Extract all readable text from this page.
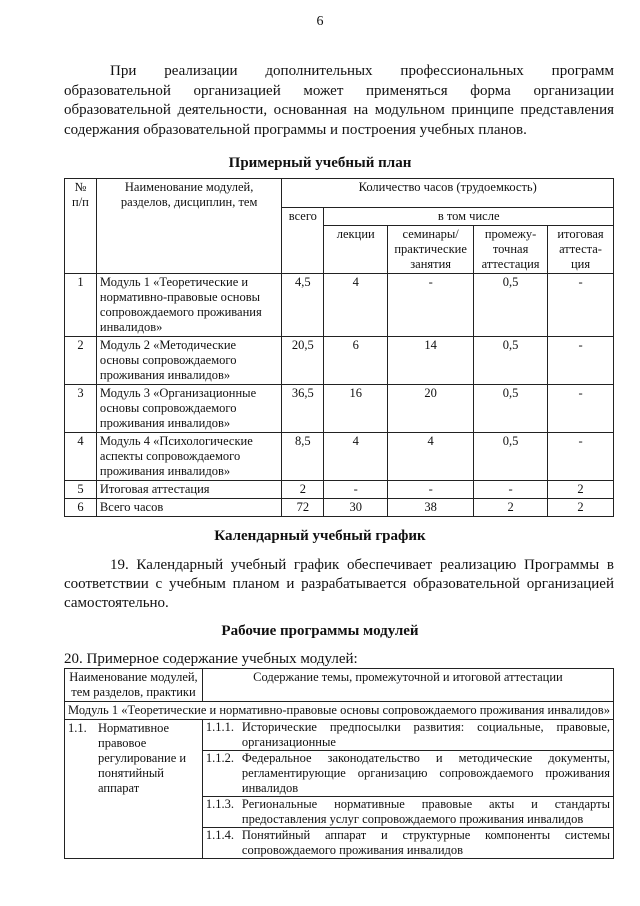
6

При реализации дополнительных профессиональных программ образовательной организацией может применяться форма организации образовательной деятельности, основанная на модульном принципе представления содержания образовательной программы и построения учебных планов.

Примерный учебный план

№ п/п	Наименование модулей, разделов, дисциплин, тем	Количество часов (трудоемкость)				
		всего	в том числе			
			лекции	семинары/ практические занятия	промежу-точная аттестация	итоговая аттеста-ция
1	Модуль 1 «Теоретические и нормативно-правовые основы сопровождаемого проживания инвалидов»	4,5	4	-	0,5	-
2	Модуль 2 «Методические основы сопровождаемого проживания инвалидов»	20,5	6	14	0,5	-
3	Модуль 3 «Организационные основы сопровождаемого проживания инвалидов»	36,5	16	20	0,5	-
4	Модуль 4 «Психологические аспекты сопровождаемого проживания инвалидов»	8,5	4	4	0,5	-
5	Итоговая аттестация	2	-	-	-	2
6	Всего часов	72	30	38	2	2

Календарный учебный график

19. Календарный учебный график обеспечивает реализацию Программы в соответствии с учебным планом и разрабатывается образовательной организацией самостоятельно.

Рабочие программы модулей

20. Примерное содержание учебных модулей:

Наименование модулей, тем разделов, практики	Содержание темы, промежуточной и итоговой аттестации
Модуль 1 «Теоретические и нормативно-правовые основы сопровождаемого проживания инвалидов»	

1.1. Нормативное правовое регулирование и понятийный аппарат	1.1.1. Исторические предпосылки развития: социальные, правовые, организационные

	1.1.2. Федеральное законодательство и методические документы, регламентирующие организацию сопровождаемого проживания инвалидов

	1.1.3. Региональные нормативные правовые акты и стандарты предоставления услуг сопровождаемого проживания инвалидов

	1.1.4. Понятийный аппарат и структурные компоненты системы сопровождаемого проживания инвалидов
